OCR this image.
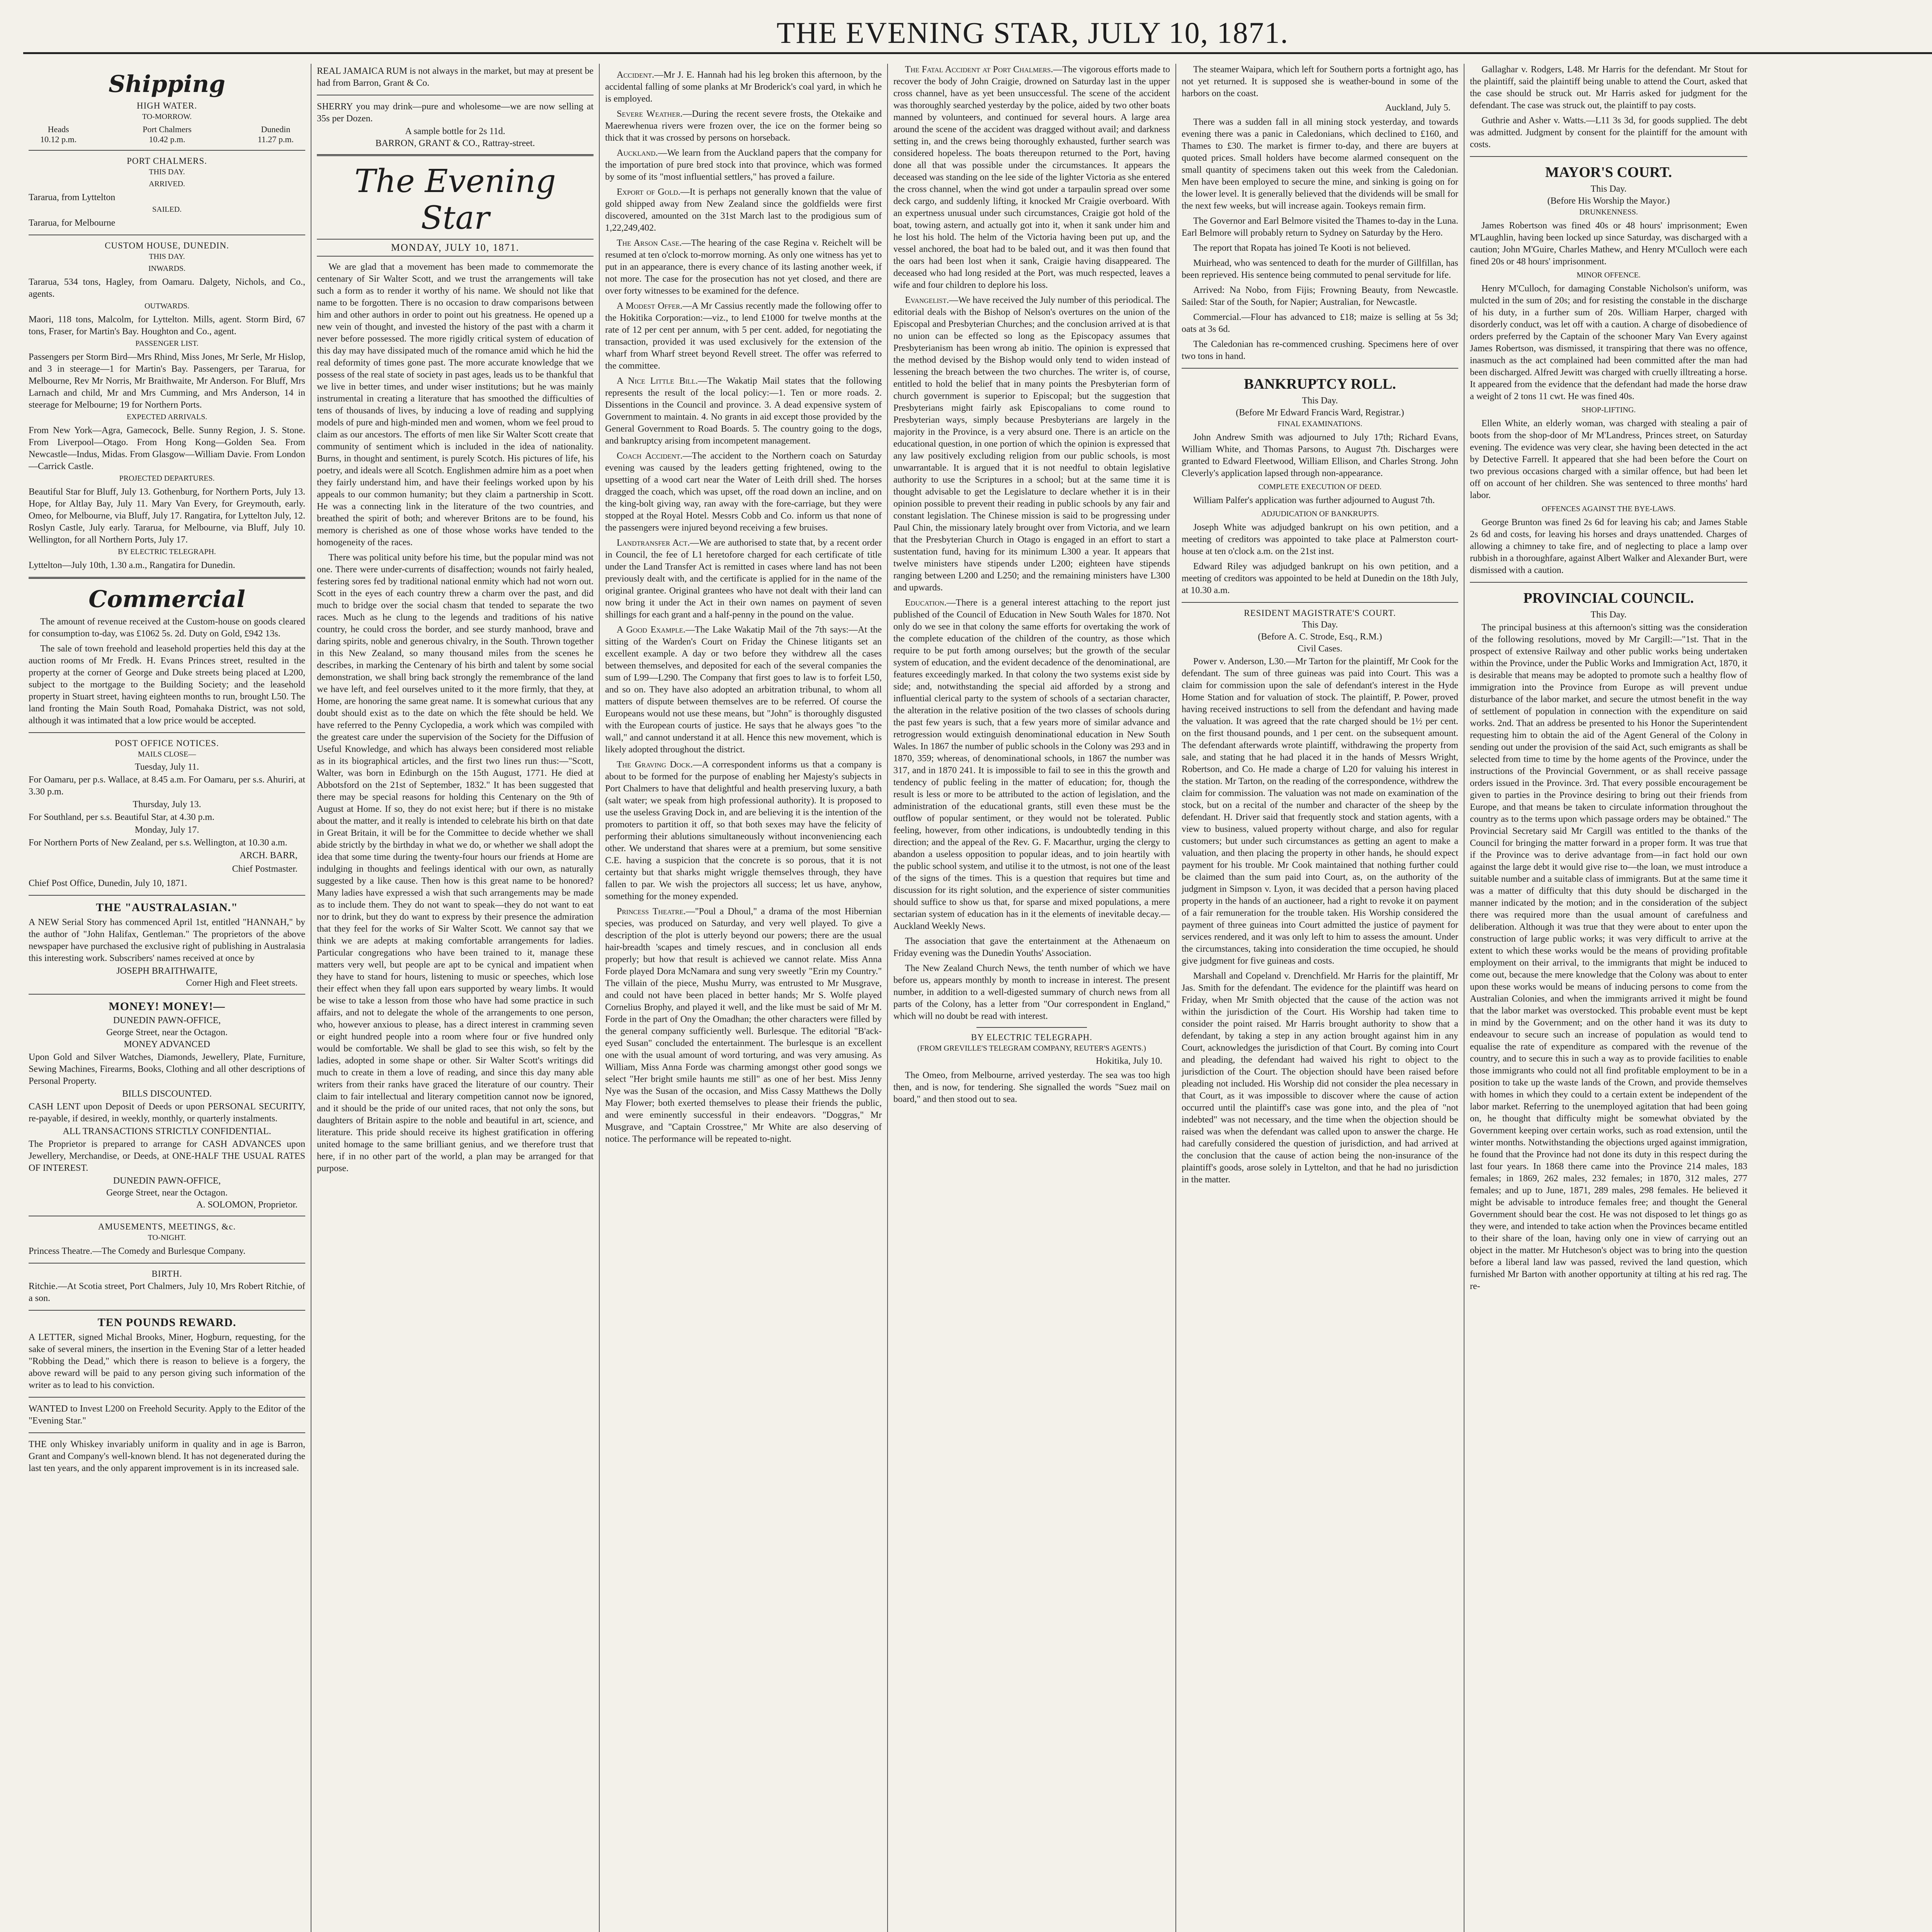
THE EVENING STAR, JULY 10, 1871.
Shipping
HIGH WATER.
TO-MORROW.
Heads
10.12 p.m.
Port Chalmers
10.42 p.m.
Dunedin
11.27 p.m.
PORT CHALMERS.
THIS DAY.
ARRIVED.
Tararua, from Lyttelton
SAILED.
Tararua, for Melbourne
CUSTOM HOUSE, DUNEDIN.
THIS DAY.
INWARDS.
Tararua, 534 tons, Hagley, from Oamaru. Dalgety, Nichols, and Co., agents.
OUTWARDS.
Maori, 118 tons, Malcolm, for Lyttelton. Mills, agent. Storm Bird, 67 tons, Fraser, for Martin's Bay. Houghton and Co., agent.
PASSENGER LIST.
Passengers per Storm Bird—Mrs Rhind, Miss Jones, Mr Serle, Mr Hislop, and 3 in steerage—1 for Martin's Bay. Passengers, per Tararua, for Melbourne, Rev Mr Norris, Mr Braithwaite, Mr Anderson. For Bluff, Mrs Larnach and child, Mr and Mrs Cumming, and Mrs Anderson, 14 in steerage for Melbourne; 19 for Northern Ports.
EXPECTED ARRIVALS.
From New York—Agra, Gamecock, Belle. Sunny Region, J. S. Stone. From Liverpool—Otago. From Hong Kong—Golden Sea. From Newcastle—Indus, Midas. From Glasgow—William Davie. From London—Carrick Castle.
PROJECTED DEPARTURES.
Beautiful Star for Bluff, July 13. Gothenburg, for Northern Ports, July 13. Hope, for Altlay Bay, July 11. Mary Van Every, for Greymouth, early. Omeo, for Melbourne, via Bluff, July 17. Rangatira, for Lyttelton July, 12. Roslyn Castle, July early. Tararua, for Melbourne, via Bluff, July 10. Wellington, for all Northern Ports, July 17.
BY ELECTRIC TELEGRAPH.
Lyttelton—July 10th, 1.30 a.m., Rangatira for Dunedin.
Commercial
The amount of revenue received at the Custom-house on goods cleared for consumption to-day, was £1062 5s. 2d. Duty on Gold, £942 13s.
The sale of town freehold and leasehold properties held this day at the auction rooms of Mr Fredk. H. Evans Princes street, resulted in the property at the corner of George and Duke streets being placed at L200, subject to the mortgage to the Building Society; and the leasehold property in Stuart street, having eighteen months to run, brought L50. The land fronting the Main South Road, Pomahaka District, was not sold, although it was intimated that a low price would be accepted.
POST OFFICE NOTICES.
MAILS CLOSE—
Tuesday, July 11.
For Oamaru, per p.s. Wallace, at 8.45 a.m. For Oamaru, per s.s. Ahuriri, at 3.30 p.m.
Thursday, July 13.
For Southland, per s.s. Beautiful Star, at 4.30 p.m.
Monday, July 17.
For Northern Ports of New Zealand, per s.s. Wellington, at 10.30 a.m.
ARCH. BARR,
Chief Postmaster.
Chief Post Office, Dunedin, July 10, 1871.
THE "AUSTRALASIAN."
A NEW Serial Story has commenced April 1st, entitled "HANNAH," by the author of "John Halifax, Gentleman." The proprietors of the above newspaper have purchased the exclusive right of publishing in Australasia this interesting work. Subscribers' names received at once by
JOSEPH BRAITHWAITE,
Corner High and Fleet streets.
MONEY! MONEY!—
DUNEDIN PAWN-OFFICE,
George Street, near the Octagon.
MONEY ADVANCED
Upon Gold and Silver Watches, Diamonds, Jewellery, Plate, Furniture, Sewing Machines, Firearms, Books, Clothing and all other descriptions of Personal Property.
BILLS DISCOUNTED.
CASH LENT upon Deposit of Deeds or upon PERSONAL SECURITY, re-payable, if desired, in weekly, monthly, or quarterly instalments.
ALL TRANSACTIONS STRICTLY CONFIDENTIAL.
The Proprietor is prepared to arrange for CASH ADVANCES upon Jewellery, Merchandise, or Deeds, at ONE-HALF THE USUAL RATES OF INTEREST.
DUNEDIN PAWN-OFFICE,
George Street, near the Octagon.
A. SOLOMON, Proprietor.
AMUSEMENTS, MEETINGS, &c.
TO-NIGHT.
Princess Theatre.—The Comedy and Burlesque Company.
BIRTH.
Ritchie.—At Scotia street, Port Chalmers, July 10, Mrs Robert Ritchie, of a son.
TEN POUNDS REWARD.
A LETTER, signed Michal Brooks, Miner, Hogburn, requesting, for the sake of several miners, the insertion in the Evening Star of a letter headed "Robbing the Dead," which there is reason to believe is a forgery, the above reward will be paid to any person giving such information of the writer as to lead to his conviction.
WANTED to Invest L200 on Freehold Security. Apply to the Editor of the "Evening Star."
THE only Whiskey invariably uniform in quality and in age is Barron, Grant and Company's well-known blend. It has not degenerated during the last ten years, and the only apparent improvement is in its increased sale.
REAL JAMAICA RUM is not always in the market, but may at present be had from Barron, Grant & Co.
SHERRY you may drink—pure and wholesome—we are now selling at 35s per Dozen.
A sample bottle for 2s 11d.
BARRON, GRANT & CO., Rattray-street.
The Evening Star
MONDAY, JULY 10, 1871.
We are glad that a movement has been made to commemorate the centenary of Sir Walter Scott, and we trust the arrangements will take such a form as to render it worthy of his name. We should not like that name to be forgotten. There is no occasion to draw comparisons between him and other authors in order to point out his greatness. He opened up a new vein of thought, and invested the history of the past with a charm it never before possessed. The more rigidly critical system of education of this day may have dissipated much of the romance amid which he hid the real deformity of times gone past. The more accurate knowledge that we possess of the real state of society in past ages, leads us to be thankful that we live in better times, and under wiser institutions; but he was mainly instrumental in creating a literature that has smoothed the difficulties of tens of thousands of lives, by inducing a love of reading and supplying models of pure and high-minded men and women, whom we feel proud to claim as our ancestors. The efforts of men like Sir Walter Scott create that community of sentiment which is included in the idea of nationality. Burns, in thought and sentiment, is purely Scotch. His pictures of life, his poetry, and ideals were all Scotch. Englishmen admire him as a poet when they fairly understand him, and have their feelings worked upon by his appeals to our common humanity; but they claim a partnership in Scott. He was a connecting link in the literature of the two countries, and breathed the spirit of both; and wherever Britons are to be found, his memory is cherished as one of those whose works have tended to the homogeneity of the races.
There was political unity before his time, but the popular mind was not one. There were under-currents of disaffection; wounds not fairly healed, festering sores fed by traditional national enmity which had not worn out. Scott in the eyes of each country threw a charm over the past, and did much to bridge over the social chasm that tended to separate the two races. Much as he clung to the legends and traditions of his native country, he could cross the border, and see sturdy manhood, brave and daring spirits, noble and generous chivalry, in the South. Thrown together in this New Zealand, so many thousand miles from the scenes he describes, in marking the Centenary of his birth and talent by some social demonstration, we shall bring back strongly the remembrance of the land we have left, and feel ourselves united to it the more firmly, that they, at Home, are honoring the same great name. It is somewhat curious that any doubt should exist as to the date on which the fête should be held. We have referred to the Penny Cyclopedia, a work which was compiled with the greatest care under the supervision of the Society for the Diffusion of Useful Knowledge, and which has always been considered most reliable as in its biographical articles, and the first two lines run thus:—"Scott, Walter, was born in Edinburgh on the 15th August, 1771. He died at Abbotsford on the 21st of September, 1832." It has been suggested that there may be special reasons for holding this Centenary on the 9th of August at Home. If so, they do not exist here; but if there is no mistake about the matter, and it really is intended to celebrate his birth on that date in Great Britain, it will be for the Committee to decide whether we shall abide strictly by the birthday in what we do, or whether we shall adopt the idea that some time during the twenty-four hours our friends at Home are indulging in thoughts and feelings identical with our own, as naturally suggested by a like cause. Then how is this great name to be honored? Many ladies have expressed a wish that such arrangements may be made as to include them. They do not want to speak—they do not want to eat nor to drink, but they do want to express by their presence the admiration that they feel for the works of Sir Walter Scott. We cannot say that we think we are adepts at making comfortable arrangements for ladies. Particular congregations who have been trained to it, manage these matters very well, but people are apt to be cynical and impatient when they have to stand for hours, listening to music or speeches, which lose their effect when they fall upon ears supported by weary limbs. It would be wise to take a lesson from those who have had some practice in such affairs, and not to delegate the whole of the arrangements to one person, who, however anxious to please, has a direct interest in cramming seven or eight hundred people into a room where four or five hundred only would be comfortable. We shall be glad to see this wish, so felt by the ladies, adopted in some shape or other. Sir Walter Scott's writings did much to create in them a love of reading, and since this day many able writers from their ranks have graced the literature of our country. Their claim to fair intellectual and literary competition cannot now be ignored, and it should be the pride of our united races, that not only the sons, but daughters of Britain aspire to the noble and beautiful in art, science, and literature. This pride should receive its highest gratification in offering united homage to the same brilliant genius, and we therefore trust that here, if in no other part of the world, a plan may be arranged for that purpose.
Accident.—Mr J. E. Hannah had his leg broken this afternoon, by the accidental falling of some planks at Mr Broderick's coal yard, in which he is employed.
Severe Weather.—During the recent severe frosts, the Otekaike and Maerewhenua rivers were frozen over, the ice on the former being so thick that it was crossed by persons on horseback.
Auckland.—We learn from the Auckland papers that the company for the importation of pure bred stock into that province, which was formed by some of its "most influential settlers," has proved a failure.
Export of Gold.—It is perhaps not generally known that the value of gold shipped away from New Zealand since the goldfields were first discovered, amounted on the 31st March last to the prodigious sum of 1,22,249,402.
The Arson Case.—The hearing of the case Regina v. Reichelt will be resumed at ten o'clock to-morrow morning. As only one witness has yet to put in an appearance, there is every chance of its lasting another week, if not more. The case for the prosecution has not yet closed, and there are over forty witnesses to be examined for the defence.
A Modest Offer.—A Mr Cassius recently made the following offer to the Hokitika Corporation:—viz., to lend £1000 for twelve months at the rate of 12 per cent per annum, with 5 per cent. added, for negotiating the transaction, provided it was used exclusively for the extension of the wharf from Wharf street beyond Revell street. The offer was referred to the committee.
A Nice Little Bill.—The Wakatip Mail states that the following represents the result of the local policy:—1. Ten or more roads. 2. Dissentions in the Council and province. 3. A dead expensive system of Government to maintain. 4. No grants in aid except those provided by the General Government to Road Boards. 5. The country going to the dogs, and bankruptcy arising from incompetent management.
Coach Accident.—The accident to the Northern coach on Saturday evening was caused by the leaders getting frightened, owing to the upsetting of a wood cart near the Water of Leith drill shed. The horses dragged the coach, which was upset, off the road down an incline, and on the king-bolt giving way, ran away with the fore-carriage, but they were stopped at the Royal Hotel. Messrs Cobb and Co. inform us that none of the passengers were injured beyond receiving a few bruises.
Landtransfer Act.—We are authorised to state that, by a recent order in Council, the fee of L1 heretofore charged for each certificate of title under the Land Transfer Act is remitted in cases where land has not been previously dealt with, and the certificate is applied for in the name of the original grantee. Original grantees who have not dealt with their land can now bring it under the Act in their own names on payment of seven shillings for each grant and a half-penny in the pound on the value.
A Good Example.—The Lake Wakatip Mail of the 7th says:—At the sitting of the Warden's Court on Friday the Chinese litigants set an excellent example. A day or two before they withdrew all the cases between themselves, and deposited for each of the several companies the sum of L99—L290. The Company that first goes to law is to forfeit L50, and so on. They have also adopted an arbitration tribunal, to whom all matters of dispute between themselves are to be referred. Of course the Europeans would not use these means, but "John" is thoroughly disgusted with the European courts of justice. He says that he always goes "to the wall," and cannot understand it at all. Hence this new movement, which is likely adopted throughout the district.
The Graving Dock.—A correspondent informs us that a company is about to be formed for the purpose of enabling her Majesty's subjects in Port Chalmers to have that delightful and health preserving luxury, a bath (salt water; we speak from high professional authority). It is proposed to use the useless Graving Dock in, and are believing it is the intention of the promoters to partition it off, so that both sexes may have the felicity of performing their ablutions simultaneously without inconveniencing each other. We understand that shares were at a premium, but some sensitive C.E. having a suspicion that the concrete is so porous, that it is not certainty but that sharks might wriggle themselves through, they have fallen to par. We wish the projectors all success; let us have, anyhow, something for the money expended.
Princess Theatre.—"Poul a Dhoul," a drama of the most Hibernian species, was produced on Saturday, and very well played. To give a description of the plot is utterly beyond our powers; there are the usual hair-breadth 'scapes and timely rescues, and in conclusion all ends properly; but how that result is achieved we cannot relate. Miss Anna Forde played Dora McNamara and sung very sweetly "Erin my Country." The villain of the piece, Mushu Murry, was entrusted to Mr Musgrave, and could not have been placed in better hands; Mr S. Wolfe played Cornelius Brophy, and played it well, and the like must be said of Mr M. Forde in the part of Ony the Omadhan; the other characters were filled by the general company sufficiently well. Burlesque. The editorial "B'ack-eyed Susan" concluded the entertainment. The burlesque is an excellent one with the usual amount of word torturing, and was very amusing. As William, Miss Anna Forde was charming amongst other good songs we select "Her bright smile haunts me still" as one of her best. Miss Jenny Nye was the Susan of the occasion, and Miss Cassy Matthews the Dolly May Flower; both exerted themselves to please their friends the public, and were eminently successful in their endeavors. "Doggras," Mr Musgrave, and "Captain Crosstree," Mr White are also deserving of notice. The performance will be repeated to-night.
The Fatal Accident at Port Chalmers.—The vigorous efforts made to recover the body of John Craigie, drowned on Saturday last in the upper cross channel, have as yet been unsuccessful. The scene of the accident was thoroughly searched yesterday by the police, aided by two other boats manned by volunteers, and continued for several hours. A large area around the scene of the accident was dragged without avail; and darkness setting in, and the crews being thoroughly exhausted, further search was considered hopeless. The boats thereupon returned to the Port, having done all that was possible under the circumstances. It appears the deceased was standing on the lee side of the lighter Victoria as she entered the cross channel, when the wind got under a tarpaulin spread over some deck cargo, and suddenly lifting, it knocked Mr Craigie overboard. With an expertness unusual under such circumstances, Craigie got hold of the boat, towing astern, and actually got into it, when it sank under him and he lost his hold. The helm of the Victoria having been put up, and the vessel anchored, the boat had to be baled out, and it was then found that the oars had been lost when it sank, Craigie having disappeared. The deceased who had long resided at the Port, was much respected, leaves a wife and four children to deplore his loss.
Evangelist.—We have received the July number of this periodical. The editorial deals with the Bishop of Nelson's overtures on the union of the Episcopal and Presbyterian Churches; and the conclusion arrived at is that no union can be effected so long as the Episcopacy assumes that Presbyterianism has been wrong ab initio. The opinion is expressed that the method devised by the Bishop would only tend to widen instead of lessening the breach between the two churches. The writer is, of course, entitled to hold the belief that in many points the Presbyterian form of church government is superior to Episcopal; but the suggestion that Presbyterians might fairly ask Episcopalians to come round to Presbyterian ways, simply because Presbyterians are largely in the majority in the Province, is a very absurd one. There is an article on the educational question, in one portion of which the opinion is expressed that any law positively excluding religion from our public schools, is most unwarrantable. It is argued that it is not needful to obtain legislative authority to use the Scriptures in a school; but at the same time it is thought advisable to get the Legislature to declare whether it is in their opinion possible to prevent their reading in public schools by any fair and constant legislation. The Chinese mission is said to be progressing under Paul Chin, the missionary lately brought over from Victoria, and we learn that the Presbyterian Church in Otago is engaged in an effort to start a sustentation fund, having for its minimum L300 a year. It appears that twelve ministers have stipends under L200; eighteen have stipends ranging between L200 and L250; and the remaining ministers have L300 and upwards.
Education.—There is a general interest attaching to the report just published of the Council of Education in New South Wales for 1870. Not only do we see in that colony the same efforts for overtaking the work of the complete education of the children of the country, as those which require to be put forth among ourselves; but the growth of the secular system of education, and the evident decadence of the denominational, are features exceedingly marked. In that colony the two systems exist side by side; and, notwithstanding the special aid afforded by a strong and influential clerical party to the system of schools of a sectarian character, the alteration in the relative position of the two classes of schools during the past few years is such, that a few years more of similar advance and retrogression would extinguish denominational education in New South Wales. In 1867 the number of public schools in the Colony was 293 and in 1870, 359; whereas, of denominational schools, in 1867 the number was 317, and in 1870 241. It is impossible to fail to see in this the growth and tendency of public feeling in the matter of education; for, though the result is less or more to be attributed to the action of legislation, and the administration of the educational grants, still even these must be the outflow of popular sentiment, or they would not be tolerated. Public feeling, however, from other indications, is undoubtedly tending in this direction; and the appeal of the Rev. G. F. Macarthur, urging the clergy to abandon a useless opposition to popular ideas, and to join heartily with the public school system, and utilise it to the utmost, is not one of the least of the signs of the times. This is a question that requires but time and discussion for its right solution, and the experience of sister communities should suffice to show us that, for sparse and mixed populations, a mere sectarian system of education has in it the elements of inevitable decay.—Auckland Weekly News.
The association that gave the entertainment at the Athenaeum on Friday evening was the Dunedin Youths' Association.
The New Zealand Church News, the tenth number of which we have before us, appears monthly by month to increase in interest. The present number, in addition to a well-digested summary of church news from all parts of the Colony, has a letter from "Our correspondent in England," which will no doubt be read with interest.
BY ELECTRIC TELEGRAPH.
(FROM GREVILLE'S TELEGRAM COMPANY, REUTER'S AGENTS.)
Hokitika, July 10.
The Omeo, from Melbourne, arrived yesterday. The sea was too high then, and is now, for tendering. She signalled the words "Suez mail on board," and then stood out to sea.
The steamer Waipara, which left for Southern ports a fortnight ago, has not yet returned. It is supposed she is weather-bound in some of the harbors on the coast.
Auckland, July 5.
There was a sudden fall in all mining stock yesterday, and towards evening there was a panic in Caledonians, which declined to £160, and Thames to £30. The market is firmer to-day, and there are buyers at quoted prices. Small holders have become alarmed consequent on the small quantity of specimens taken out this week from the Caledonian. Men have been employed to secure the mine, and sinking is going on for the lower level. It is generally believed that the dividends will be small for the next few weeks, but will increase again. Tookeys remain firm.
The Governor and Earl Belmore visited the Thames to-day in the Luna. Earl Belmore will probably return to Sydney on Saturday by the Hero.
The report that Ropata has joined Te Kooti is not believed.
Muirhead, who was sentenced to death for the murder of Gillfillan, has been reprieved. His sentence being commuted to penal servitude for life.
Arrived: Na Nobo, from Fijis; Frowning Beauty, from Newcastle. Sailed: Star of the South, for Napier; Australian, for Newcastle.
Commercial.—Flour has advanced to £18; maize is selling at 5s 3d; oats at 3s 6d.
The Caledonian has re-commenced crushing. Specimens here of over two tons in hand.
BANKRUPTCY ROLL.
This Day.
(Before Mr Edward Francis Ward, Registrar.)
FINAL EXAMINATIONS.
John Andrew Smith was adjourned to July 17th; Richard Evans, William White, and Thomas Parsons, to August 7th. Discharges were granted to Edward Fleetwood, William Ellison, and Charles Strong. John Cleverly's application lapsed through non-appearance.
COMPLETE EXECUTION OF DEED.
William Palfer's application was further adjourned to August 7th.
ADJUDICATION OF BANKRUPTS.
Joseph White was adjudged bankrupt on his own petition, and a meeting of creditors was appointed to take place at Palmerston court-house at ten o'clock a.m. on the 21st inst.
Edward Riley was adjudged bankrupt on his own petition, and a meeting of creditors was appointed to be held at Dunedin on the 18th July, at 10.30 a.m.
RESIDENT MAGISTRATE'S COURT.
This Day.
(Before A. C. Strode, Esq., R.M.)
Civil Cases.
Power v. Anderson, L30.—Mr Tarton for the plaintiff, Mr Cook for the defendant. The sum of three guineas was paid into Court. This was a claim for commission upon the sale of defendant's interest in the Hyde Home Station and for valuation of stock. The plaintiff, P. Power, proved having received instructions to sell from the defendant and having made the valuation. It was agreed that the rate charged should be 1½ per cent. on the first thousand pounds, and 1 per cent. on the subsequent amount. The defendant afterwards wrote plaintiff, withdrawing the property from sale, and stating that he had placed it in the hands of Messrs Wright, Robertson, and Co. He made a charge of L20 for valuing his interest in the station. Mr Tarton, on the reading of the correspondence, withdrew the claim for commission. The valuation was not made on examination of the stock, but on a recital of the number and character of the sheep by the defendant. H. Driver said that frequently stock and station agents, with a view to business, valued property without charge, and also for regular customers; but under such circumstances as getting an agent to make a valuation, and then placing the property in other hands, he should expect payment for his trouble. Mr Cook maintained that nothing further could be claimed than the sum paid into Court, as, on the authority of the judgment in Simpson v. Lyon, it was decided that a person having placed property in the hands of an auctioneer, had a right to revoke it on payment of a fair remuneration for the trouble taken. His Worship considered the payment of three guineas into Court admitted the justice of payment for services rendered, and it was only left to him to assess the amount. Under the circumstances, taking into consideration the time occupied, he should give judgment for five guineas and costs.
Marshall and Copeland v. Drenchfield. Mr Harris for the plaintiff, Mr Jas. Smith for the defendant. The evidence for the plaintiff was heard on Friday, when Mr Smith objected that the cause of the action was not within the jurisdiction of the Court. His Worship had taken time to consider the point raised. Mr Harris brought authority to show that a defendant, by taking a step in any action brought against him in any Court, acknowledges the jurisdiction of that Court. By coming into Court and pleading, the defendant had waived his right to object to the jurisdiction of the Court. The objection should have been raised before pleading not included. His Worship did not consider the plea necessary in that Court, as it was impossible to discover where the cause of action occurred until the plaintiff's case was gone into, and the plea of "not indebted" was not necessary, and the time when the objection should be raised was when the defendant was called upon to answer the charge. He had carefully considered the question of jurisdiction, and had arrived at the conclusion that the cause of action being the non-insurance of the plaintiff's goods, arose solely in Lyttelton, and that he had no jurisdiction in the matter.
Gallaghar v. Rodgers, L48. Mr Harris for the defendant. Mr Stout for the plaintiff, said the plaintiff being unable to attend the Court, asked that the case should be struck out. Mr Harris asked for judgment for the defendant. The case was struck out, the plaintiff to pay costs.
Guthrie and Asher v. Watts.—L11 3s 3d, for goods supplied. The debt was admitted. Judgment by consent for the plaintiff for the amount with costs.
MAYOR'S COURT.
This Day.
(Before His Worship the Mayor.)
DRUNKENNESS.
James Robertson was fined 40s or 48 hours' imprisonment; Ewen M'Laughlin, having been locked up since Saturday, was discharged with a caution; John M'Guire, Charles Mathew, and Henry M'Culloch were each fined 20s or 48 hours' imprisonment.
MINOR OFFENCE.
Henry M'Culloch, for damaging Constable Nicholson's uniform, was mulcted in the sum of 20s; and for resisting the constable in the discharge of his duty, in a further sum of 20s. William Harper, charged with disorderly conduct, was let off with a caution. A charge of disobedience of orders preferred by the Captain of the schooner Mary Van Every against James Robertson, was dismissed, it transpiring that there was no offence, inasmuch as the act complained had been committed after the man had been discharged. Alfred Jewitt was charged with cruelly illtreating a horse. It appeared from the evidence that the defendant had made the horse draw a weight of 2 tons 11 cwt. He was fined 40s.
SHOP-LIFTING.
Ellen White, an elderly woman, was charged with stealing a pair of boots from the shop-door of Mr M'Landress, Princes street, on Saturday evening. The evidence was very clear, she having been detected in the act by Detective Farrell. It appeared that she had been before the Court on two previous occasions charged with a similar offence, but had been let off on account of her children. She was sentenced to three months' hard labor.
OFFENCES AGAINST THE BYE-LAWS.
George Brunton was fined 2s 6d for leaving his cab; and James Stable 2s 6d and costs, for leaving his horses and drays unattended. Charges of allowing a chimney to take fire, and of neglecting to place a lamp over rubbish in a thoroughfare, against Albert Walker and Alexander Burt, were dismissed with a caution.
PROVINCIAL COUNCIL.
This Day.
The principal business at this afternoon's sitting was the consideration of the following resolutions, moved by Mr Cargill:—"1st. That in the prospect of extensive Railway and other public works being undertaken within the Province, under the Public Works and Immigration Act, 1870, it is desirable that means may be adopted to promote such a healthy flow of immigration into the Province from Europe as will prevent undue disturbance of the labor market, and secure the utmost benefit in the way of settlement of population in connection with the expenditure on said works. 2nd. That an address be presented to his Honor the Superintendent requesting him to obtain the aid of the Agent General of the Colony in sending out under the provision of the said Act, such emigrants as shall be selected from time to time by the home agents of the Province, under the instructions of the Provincial Government, or as shall receive passage orders issued in the Province. 3rd. That every possible encouragement be given to parties in the Province desiring to bring out their friends from Europe, and that means be taken to circulate information throughout the country as to the terms upon which passage orders may be obtained." The Provincial Secretary said Mr Cargill was entitled to the thanks of the Council for bringing the matter forward in a proper form. It was true that if the Province was to derive advantage from—in fact hold our own against the large debt it would give rise to—the loan, we must introduce a suitable number and a suitable class of immigrants. But at the same time it was a matter of difficulty that this duty should be discharged in the manner indicated by the motion; and in the consideration of the subject there was required more than the usual amount of carefulness and deliberation. Although it was true that they were about to enter upon the construction of large public works; it was very difficult to arrive at the extent to which these works would be the means of providing profitable employment on their arrival, to the immigrants that might be induced to come out, because the mere knowledge that the Colony was about to enter upon these works would be means of inducing persons to come from the Australian Colonies, and when the immigrants arrived it might be found that the labor market was overstocked. This probable event must be kept in mind by the Government; and on the other hand it was its duty to endeavour to secure such an increase of population as would tend to equalise the rate of expenditure as compared with the revenue of the country, and to secure this in such a way as to provide facilities to enable those immigrants who could not all find profitable employment to be in a position to take up the waste lands of the Crown, and provide themselves with homes in which they could to a certain extent be independent of the labor market. Referring to the unemployed agitation that had been going on, he thought that difficulty might be somewhat obviated by the Government keeping over certain works, such as road extension, until the winter months. Notwithstanding the objections urged against immigration, he found that the Province had not done its duty in this respect during the last four years. In 1868 there came into the Province 214 males, 183 females; in 1869, 262 males, 232 females; in 1870, 312 males, 277 females; and up to June, 1871, 289 males, 298 females. He believed it might be advisable to introduce females free; and thought the General Government should bear the cost. He was not disposed to let things go as they were, and intended to take action when the Provinces became entitled to their share of the loan, having only one in view of carrying out an object in the matter. Mr Hutcheson's object was to bring into the question before a liberal land law was passed, revived the land question, which furnished Mr Barton with another opportunity at tilting at his red rag. The re-
